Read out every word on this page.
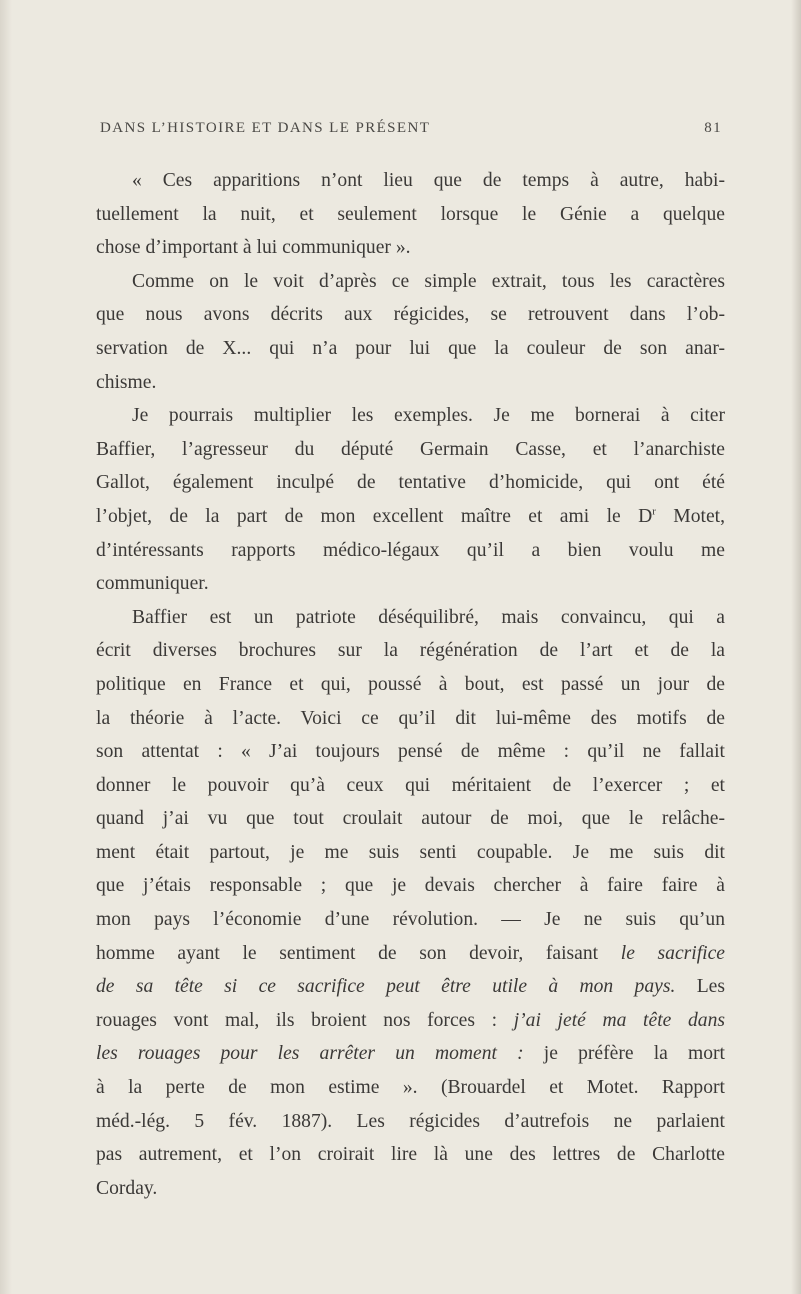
DANS L’HISTOIRE ET DANS LE PRÉSENT	81
« Ces apparitions n’ont lieu que de temps à autre, habi-
tuellement la nuit, et seulement lorsque le Génie a quelque
chose d’important à lui communiquer ».
Comme on le voit d’après ce simple extrait, tous les caractères
que nous avons décrits aux régicides, se retrouvent dans l’ob-
servation de X... qui n’a pour lui que la couleur de son anar-
chisme.
Je pourrais multiplier les exemples. Je me bornerai à citer
Baffier, l’agresseur du député Germain Casse, et l’anarchiste
Gallot, également inculpé de tentative d’homicide, qui ont été
l’objet, de la part de mon excellent maître et ami le $D^r$ Motet,
d’intéressants rapports médico-légaux qu’il a bien voulu me
communiquer.
Baffier est un patriote déséquilibré, mais convaincu, qui a
écrit diverses brochures sur la régénération de l’art et de la
politique en France et qui, poussé à bout, est passé un jour de
la théorie à l’acte. Voici ce qu’il dit lui-même des motifs de
son attentat : « J’ai toujours pensé de même : qu’il ne fallait
donner le pouvoir qu’à ceux qui méritaient de l’exercer ; et
quand j’ai vu que tout croulait autour de moi, que le relâche-
ment était partout, je me suis senti coupable. Je me suis dit
que j’étais responsable ; que je devais chercher à faire faire à
mon pays l’économie d’une révolution. — Je ne suis qu’un
homme ayant le sentiment de son devoir, faisant le sacrifice
de sa tête si ce sacrifice peut être utile à mon pays. Les
rouages vont mal, ils broient nos forces : j’ai jeté ma tête dans
les rouages pour les arrêter un moment : je préfère la mort
à la perte de mon estime ». (Brouardel et Motet. Rapport
méd.-lég. 5 fév. 1887). Les régicides d’autrefois ne parlaient
pas autrement, et l’on croirait lire là une des lettres de Charlotte
Corday.
